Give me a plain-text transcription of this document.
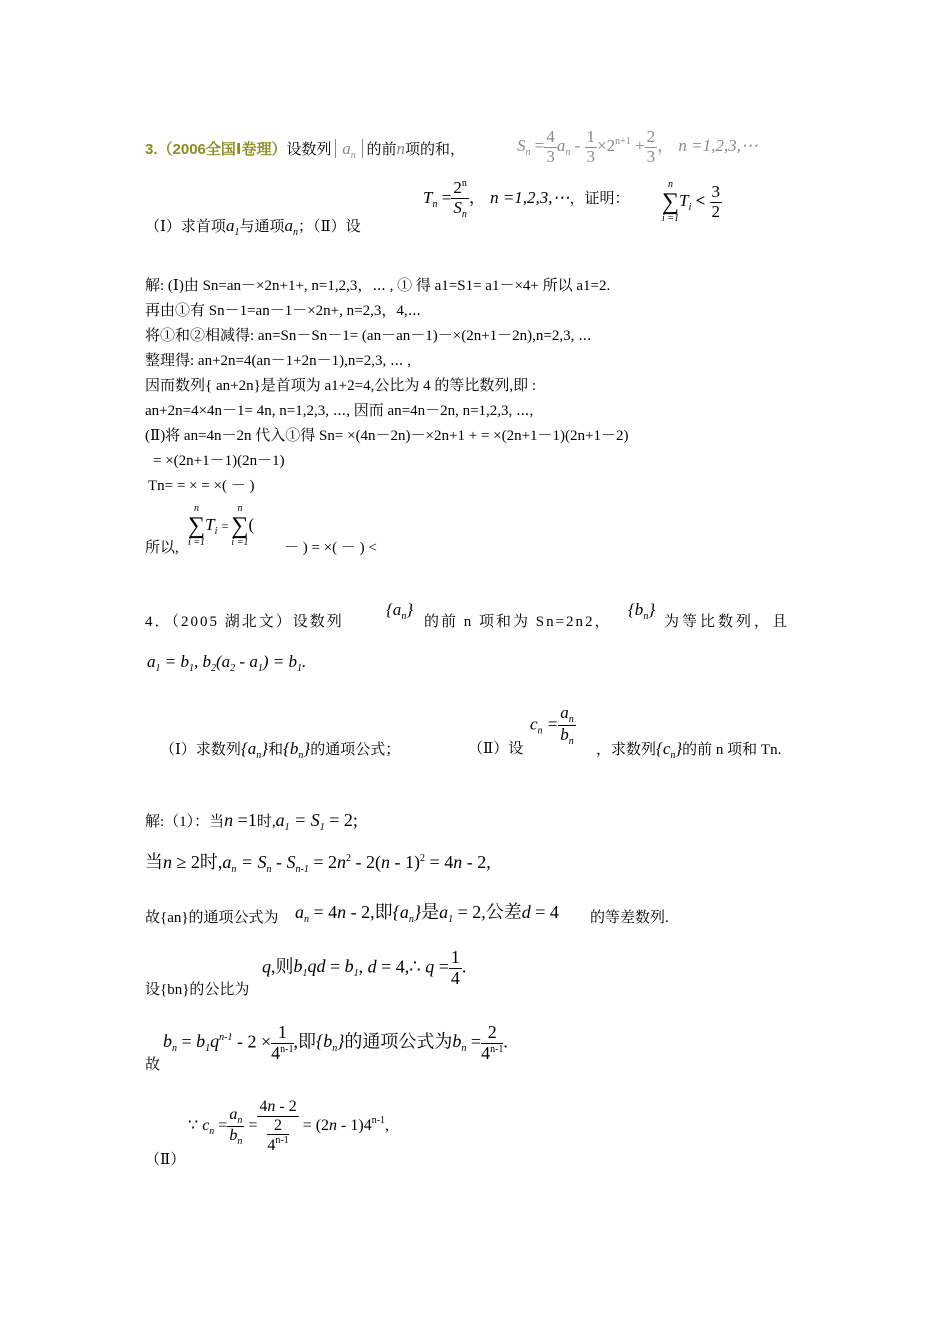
3.（2006全国Ⅰ卷理）设数列 $a_n$ 的前n项的和，	$S_n = \frac{4}{3} a_n - \frac{1}{3} \times 2^{n+1} + \frac{2}{3}$ ， n =1,2,3,⋯
（Ⅰ）求首项$a_1$与通项$a_n$；（Ⅱ）设
$T_n = \frac{2^n}{S_n}$ ， n =1,2,3,⋯，证明：
n
∑
i =1
$T_i < \frac{3}{2}$
解: (Ⅰ)由 Sn=an－×2n+1+, n=1,2,3，⋯ , ① 得 a1=S1= a1－×4+ 所以 a1=2.
再由①有 Sn－1=an－1－×2n+, n=2,3，4,⋯
将①和②相减得: an=Sn－Sn－1= (an－an－1)－×(2n+1－2n),n=2,3, ⋯
整理得: an+2n=4(an－1+2n－1),n=2,3, ⋯ ,
因而数列{ an+2n}是首项为 a1+2=4,公比为 4 的等比数列,即 :
an+2n=4×4n－1= 4n, n=1,2,3, ⋯, 因而 an=4n－2n, n=1,2,3, ⋯,
(Ⅱ)将 an=4n－2n 代入①得 Sn= ×(4n－2n)－×2n+1 + = ×(2n+1－1)(2n+1－2)
= ×(2n+1－1)(2n－1)
Tn= = × = ×( － )
所以,
n
∑
i =1
$T_i$ =
n
∑
i =1
(
－ ) = ×( － ) <
4．（2005 湖北文）设数列
$\{a_n\}$
的前 n 项和为 Sn=2n2，
$\{b_n\}$
为等比数列，且
$a_1 = b_1$, $b_2(a_2 - a_1) = b_1$.
（Ⅰ）求数列$\{a_n\}$和$\{b_n\}$的通项公式；	（Ⅱ）设
$c_n = \frac{a_n}{b_n}$
，求数列$\{c_n\}$的前 n 项和 Tn.
解:（1）：当n =1时$,a_1 = S_1 = 2$;
当n ≥ 2时$,a_n = S_n - S_{n-1} = 2n^2 - 2(n - 1)^2 = 4n - 2$,
故{an}的通项公式为 $a_n = 4n - 2$,即$\{a_n\}$是$a_1 = 2$,公差d = 4 的等差数列.
设{bn}的公比为
q,则$b_1qd = b_1$, d = 4,∴ $q = \frac{1}{4}$ .
故
$b_n = b_1q^{n-1} - 2 \times \frac{1}{4^{n-1}}$ ,即$\{b_n\}$的通项公式为$b_n = \frac{2}{4^{n-1}}$ .
∵ $c_n = \frac{a_n}{b_n} = \frac{4n - 2}{\frac{2}{4^{n-1}}} = (2n - 1)4^{n-1}$,
（Ⅱ）
